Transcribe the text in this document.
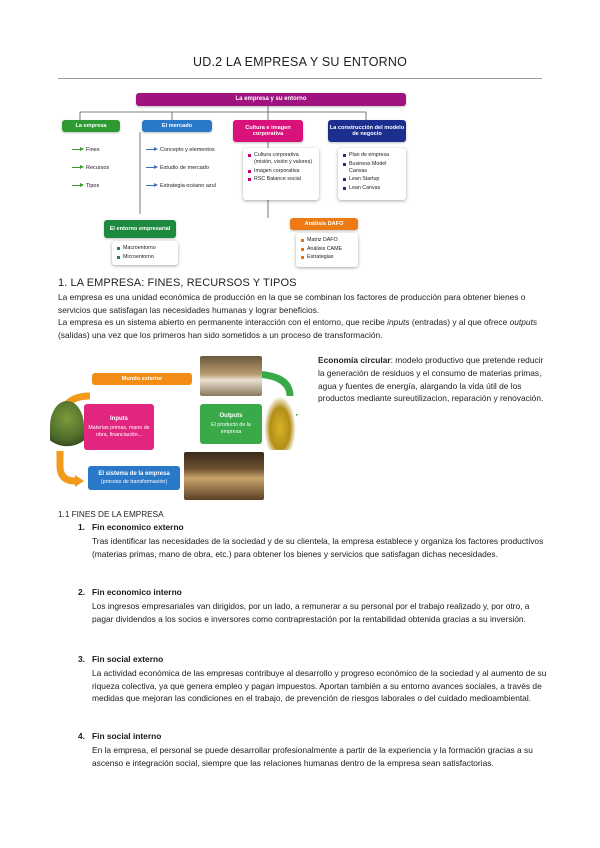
UD.2 LA EMPRESA Y SU ENTORNO
La empresa y su entorno
La empresa
Fines
Recursos
Tipos
El mercado
Concepto y elementos
Estudio de mercado
Estrategia océano azul
Cultura e imagen corporativa
Cultura corporativa (misión, visión y valores)
Imagen corporativa
RSC Balance social
La construcción del modelo de negocio
Plan de empresa
Business Model Canvas
Lean Startup
Lean Canvas
El entorno empresarial
Macroentorno
Microentorno
Análisis DAFO
Matriz DAFO
Análisis CAME
Estrategias
1. LA EMPRESA: FINES, RECURSOS Y TIPOS
La empresa es una unidad económica de producción en la que se combinan los factores de producción para obtener bienes o servicios que satisfagan las necesidades humanas y lograr beneficios.
La empresa es un sistema abierto en permanente interacción con el entorno, que recibe inputs (entradas) y al que ofrece outputs (salidas) una vez que los primeros han sido sometidos a un proceso de transformación.
Mundo exterior
Inputs
Materias primas, mano de obra, financiación...
Outputs
El producto de la empresa
El sistema de la empresa
(proceso de transformación)
Economía circular: modelo productivo que pretende reducir la generación de residuos y el consumo de materias primas, agua y fuentes de energía, alargando la vida útil de los productos mediante sureutilizacion, reparación y renovación.
1.1 FINES DE LA EMPRESA
1. Fin economico externo
Tras identificar las necesidades de la sociedad y de su clientela, la empresa establece y organiza los factores productivos (materias primas, mano de obra, etc.) para obtener los bienes y servicios que satisfagan dichas necesidades.
2. Fin economico interno
Los ingresos empresariales van dirigidos, por un lado, a remunerar a su personal por el trabajo realizado y, por otro, a pagar dividendos a los socios e inversores como contraprestación por la rentabilidad obtenida gracias a su inversión.
3. Fin social externo
La actividad económica de las empresas contribuye al desarrollo y progreso económico de la sociedad y al aumento de su riqueza colectiva, ya que genera empleo y pagan impuestos. Aportan también a su entorno avances sociales, a través de medidas que mejoran las condiciones en el trabajo, de prevención de riesgos laborales o del cuidado medioambiental.
4. Fin social interno
En la empresa, el personal se puede desarrollar profesionalmente a partir de la experiencia y la formación gracias a su ascenso e integración social, siempre que las relaciones humanas dentro de la empresa sean satisfactorias.
